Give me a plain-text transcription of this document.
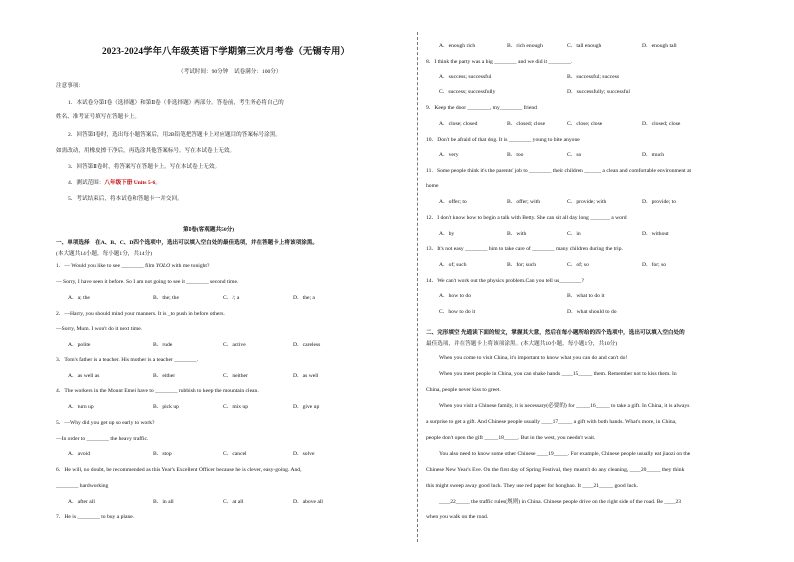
2023-2024学年八年级英语下学期第三次月考卷（无锡专用）
（考试时间：90分钟　试卷满分：100分）
注意事项：
1．本试卷分第Ⅰ卷（选择题）和第Ⅱ卷（非选择题）两部分。答卷前，考生务必将自己的
姓名、准考证号填写在答题卡上。
2．回答第Ⅰ卷时，选出每小题答案后，用2B铅笔把答题卡上对应题目的答案标号涂黑。
如需改动，用橡皮擦干净后，再选涂其他答案标号。写在本试卷上无效。
3．回答第Ⅱ卷时，将答案写在答题卡上。写在本试卷上无效。
4．测试范围：八年级下册 Units 5-6。
5．考试结束后，将本试卷和答题卡一并交回。
第Ⅰ卷(客观题共50分)
一、单项选择　在A、B、C、D四个选项中，选出可以填入空白处的最佳选项，并在答题卡上将该项涂黑。
(本大题共14小题，每小题1分，共14分)
1．— Would you like to see ________ film YOLO with me tonight?
— Sorry, I have seen it before. So I am not going to see it ________ second time.
A．a; the	B．the; the	C．/; a	D．the; a
2．—Harry, you should mind your manners. It is _to push in before others.
—Sorry, Mum. I won't do it next time.
A．polite	B．rude	C．active	D．careless
3．Tom's father is a teacher. His mother is a teacher ________.
A．as well as	B．either	C．neither	D．as well
4．The workers in the Mount Emei have to ________ rubbish to keep the mountain clean.
A．turn up	B．pick up	C．mix up	D．give up
5．—Why did you get up so early to work?
—In order to ________ the heavy traffic.
A．avoid	B．stop	C．cancel	D．solve
6．He will, no doubt, be recommended as this Year's Excellent Officer because he is clever, easy-going. And,
________ hardworking
A．after all	B．in all	C．at all	D．above all
7．He is ________ to buy a plane.
A．enough rich	B．rich enough	C．tall enough	D．enough tall
8．I think the party was a big ________ and we did it ________.
A．success; successful	B．successful; success
C．success; successfully	D．successfully; successful
9．Keep the door ________, my________ friend
A．close; closed	B．closed; close	C．close; close	D．closed; close
10．Don't be afraid of that dog. It is ________ young to bite anyone
A．very	B．too	C．so	D．much
11．Some people think it's the parents' job to ________ their children ______ a clean and comfortable environment at
home
A．offer; to	B．offer; with	C．provide; with	D．provide; to
12．I don't know how to begin a talk with Betty. She can sit all day long _______ a word
A．by	B．with	C．in	D．without
13．It's not easy ________ him to take care of ________ many children during the trip.
A．of; such	B．for; such	C．of; so	D．for; so
14．We can't work out the physics problem.Can you tell us________?
A．how to do	B．what to do it
C．how to do it	D．what should to do
二、完形填空 先通读下面的短文，掌握其大意，然后在每小题所给的四个选项中，选出可以填入空白处的
最佳选项，并在答题卡上将该项涂黑。(本大题共10小题，每小题1分，共10分)
When you come to visit China, it's important to know what you can do and can't do!
When you meet people in China, you can shake hands ____15_____ them. Remember not to kiss them. In
China, people never kiss to greet.
When you visit a Chinese family, it is necessary(必要的) for _____16_____ to take a gift. In China, it is always
a surprise to get a gift. And Chinese people usually ____17_____ a gift with both hands. What's more, in China,
people don't open the gift _____18_____. But in the west, you needn't wait.
You also need to know some other Chinese ____19_____. For example, Chinese people usually eat jiaozi on the
Chinese New Year's Eve. On the first day of Spring Festival, they mustn't do any cleaning, ____20_____ they think
this might sweep away good luck. They use red paper for hongbao. It ____21_____ good luck.
____22_____ the traffic rules(规则) in China. Chinese people drive on the right side of the road. Be ____23
when you walk on the road.
